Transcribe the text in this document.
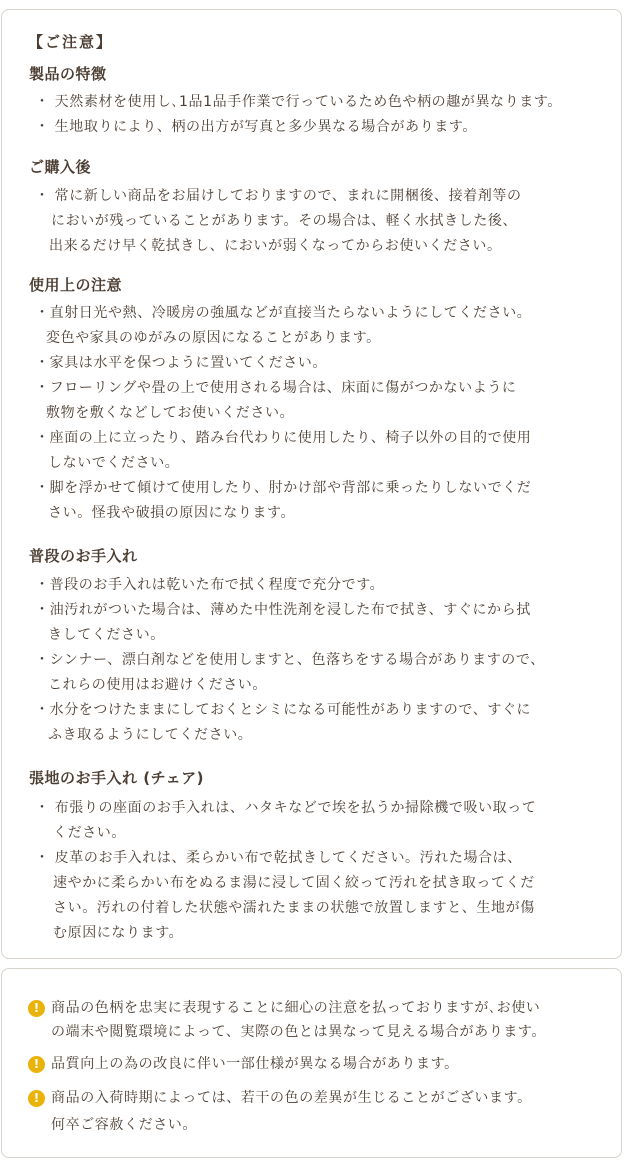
【ご注意】
製品の特徴
・ 天然素材を使用し､1品1品手作業で行っているため色や柄の趣が異なります。
・ 生地取りにより、柄の出方が写真と多少異なる場合があります。
ご購入後
・ 常に新しい商品をお届けしておりますので、まれに開梱後、接着剤等の
においが残っていることがあります。その場合は、軽く水拭きした後、
出来るだけ早く乾拭きし、においが弱くなってからお使いください。
使用上の注意
・直射日光や熱、冷暖房の強風などが直接当たらないようにしてください。
変色や家具のゆがみの原因になることがあります。
・家具は水平を保つように置いてください。
・フローリングや畳の上で使用される場合は、床面に傷がつかないように
敷物を敷くなどしてお使いください。
・座面の上に立ったり、踏み台代わりに使用したり、椅子以外の目的で使用
しないでください。
・脚を浮かせて傾けて使用したり、肘かけ部や背部に乗ったりしないでくだ
さい。怪我や破損の原因になります。
普段のお手入れ
・普段のお手入れは乾いた布で拭く程度で充分です。
・油汚れがついた場合は、薄めた中性洗剤を浸した布で拭き、すぐにから拭
きしてください。
・シンナー、漂白剤などを使用しますと、色落ちをする場合がありますので、
これらの使用はお避けください。
・水分をつけたままにしておくとシミになる可能性がありますので、すぐに
ふき取るようにしてください。
張地のお手入れ (チェア)
・ 布張りの座面のお手入れは、ハタキなどで埃を払うか掃除機で吸い取って
ください。
・ 皮革のお手入れは、柔らかい布で乾拭きしてください。汚れた場合は、
速やかに柔らかい布をぬるま湯に浸して固く絞って汚れを拭き取ってくだ
さい。汚れの付着した状態や濡れたままの状態で放置しますと、生地が傷
む原因になります。
! 商品の色柄を忠実に表現することに細心の注意を払っておりますが､お使い
の端末や閲覧環境によって、実際の色とは異なって見える場合があります。
! 品質向上の為の改良に伴い一部仕様が異なる場合があります。
! 商品の入荷時期によっては、若干の色の差異が生じることがございます。
何卒ご容赦ください。
